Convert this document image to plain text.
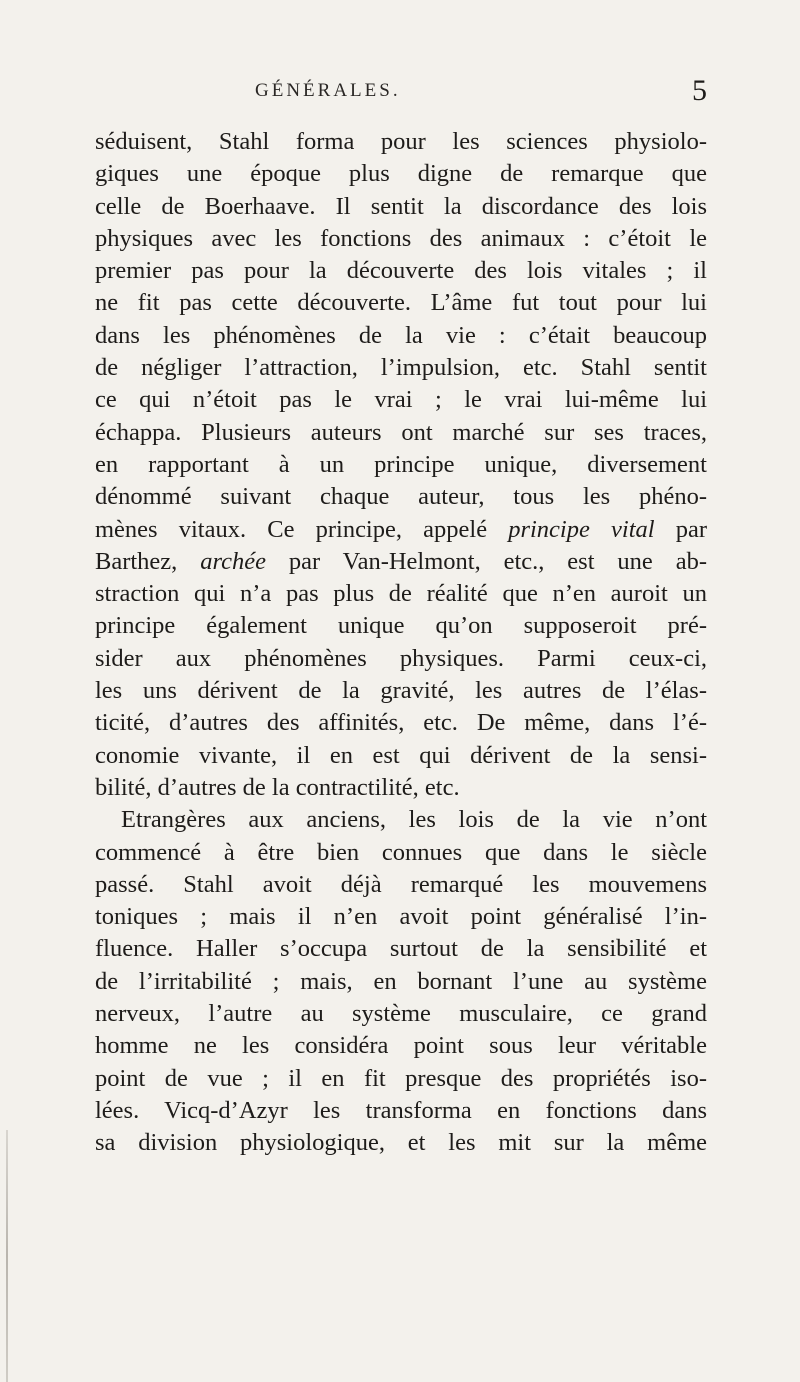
GÉNÉRALES.	5
séduisent, Stahl forma pour les sciences physiolo-
giques une époque plus digne de remarque que
celle de Boerhaave. Il sentit la discordance des lois
physiques avec les fonctions des animaux : c’étoit le
premier pas pour la découverte des lois vitales ; il
ne fit pas cette découverte. L’âme fut tout pour lui
dans les phénomènes de la vie : c’était beaucoup
de négliger l’attraction, l’impulsion, etc. Stahl sentit
ce qui n’étoit pas le vrai ; le vrai lui-même lui
échappa. Plusieurs auteurs ont marché sur ses traces,
en rapportant à un principe unique, diversement
dénommé suivant chaque auteur, tous les phéno-
mènes vitaux. Ce principe, appelé principe vital par
Barthez, archée par Van-Helmont, etc., est une ab-
straction qui n’a pas plus de réalité que n’en auroit un
principe également unique qu’on supposeroit pré-
sider aux phénomènes physiques. Parmi ceux-ci,
les uns dérivent de la gravité, les autres de l’élas-
ticité, d’autres des affinités, etc. De même, dans l’é-
conomie vivante, il en est qui dérivent de la sensi-
bilité, d’autres de la contractilité, etc.
Etrangères aux anciens, les lois de la vie n’ont
commencé à être bien connues que dans le siècle
passé. Stahl avoit déjà remarqué les mouvemens
toniques ; mais il n’en avoit point généralisé l’in-
fluence. Haller s’occupa surtout de la sensibilité et
de l’irritabilité ; mais, en bornant l’une au système
nerveux, l’autre au système musculaire, ce grand
homme ne les considéra point sous leur véritable
point de vue ; il en fit presque des propriétés iso-
lées. Vicq-d’Azyr les transforma en fonctions dans
sa division physiologique, et les mit sur la même
